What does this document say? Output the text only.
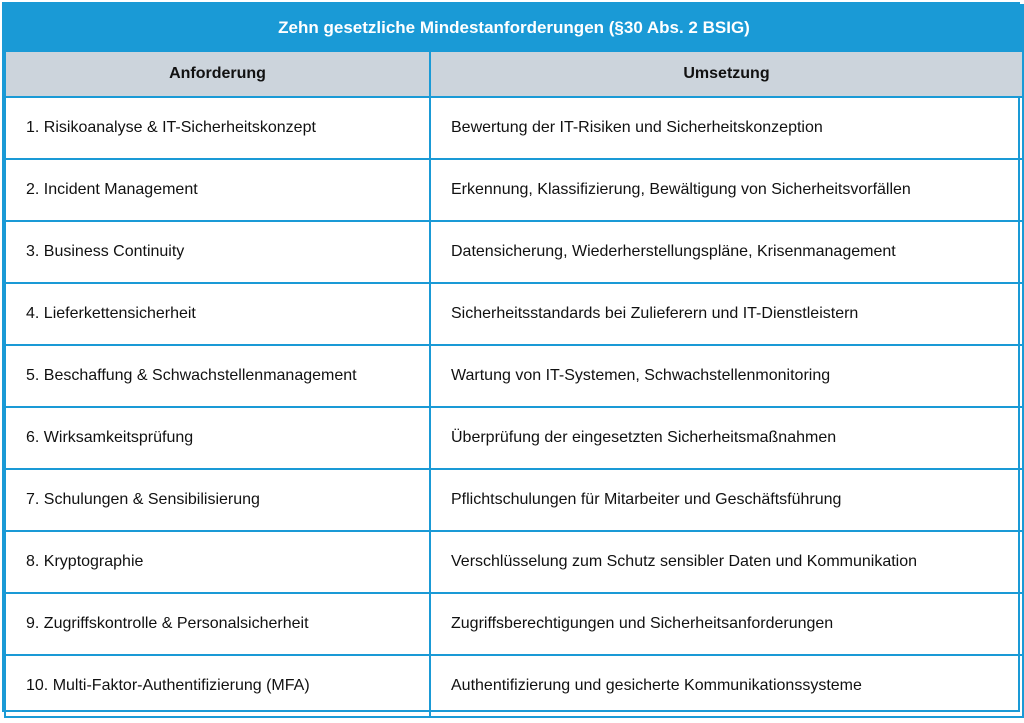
Zehn gesetzliche Mindestanforderungen (§30 Abs. 2 BSIG)	
Anforderung	Umsetzung
1. Risikoanalyse & IT-Sicherheitskonzept	Bewertung der IT-Risiken und Sicherheitskonzeption
2. Incident Management	Erkennung, Klassifizierung, Bewältigung von Sicherheitsvorfällen
3. Business Continuity	Datensicherung, Wiederherstellungspläne, Krisenmanagement
4. Lieferkettensicherheit	Sicherheitsstandards bei Zulieferern und IT-Dienstleistern
5. Beschaffung & Schwachstellenmanagement	Wartung von IT-Systemen, Schwachstellenmonitoring
6. Wirksamkeitsprüfung	Überprüfung der eingesetzten Sicherheitsmaßnahmen
7. Schulungen & Sensibilisierung	Pflichtschulungen für Mitarbeiter und Geschäftsführung
8. Kryptographie	Verschlüsselung zum Schutz sensibler Daten und Kommunikation
9. Zugriffskontrolle & Personalsicherheit	Zugriffsberechtigungen und Sicherheitsanforderungen
10. Multi-Faktor-Authentifizierung (MFA)	Authentifizierung und gesicherte Kommunikationssysteme
